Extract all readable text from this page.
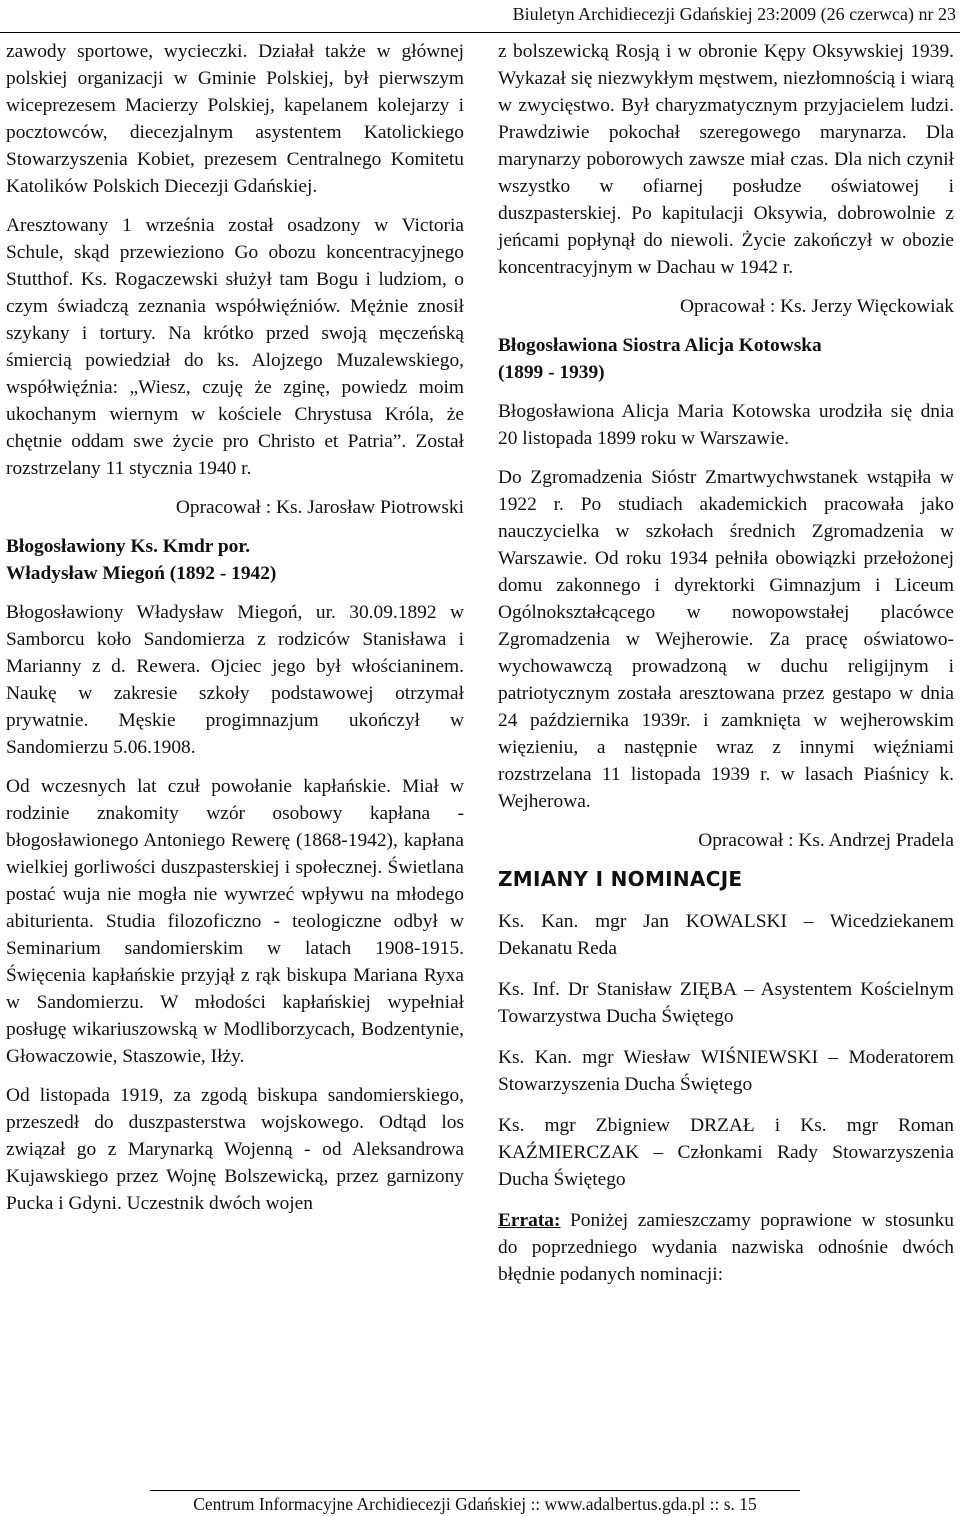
Biuletyn Archidiecezji Gdańskiej 23:2009 (26 czerwca) nr 23

zawody sportowe, wycieczki. Działał także w głównej polskiej organizacji w Gminie Polskiej, był pierwszym wiceprezesem Macierzy Polskiej, kapelanem kolejarzy i pocztowców, diecezjalnym asystentem Katolickiego Stowarzyszenia Kobiet, prezesem Centralnego Komitetu Katolików Polskich Diecezji Gdańskiej.

Aresztowany 1 września został osadzony w Victoria Schule, skąd przewieziono Go obozu koncentracyjnego Stutthof. Ks. Rogaczewski służył tam Bogu i ludziom, o czym świadczą zeznania współwięźniów. Mężnie znosił szykany i tortury. Na krótko przed swoją męczeńską śmiercią powiedział do ks. Alojzego Muzalewskiego, współwięźnia: „Wiesz, czuję że zginę, powiedz moim ukochanym wiernym w kościele Chrystusa Króla, że chętnie oddam swe życie pro Christo et Patria”. Został rozstrzelany 11 stycznia 1940 r.

Opracował : Ks. Jarosław Piotrowski

Błogosławiony Ks. Kmdr por.
Władysław Miegoń (1892 - 1942)

Błogosławiony Władysław Miegoń, ur. 30.09.1892 w Samborcu koło Sandomierza z rodziców Stanisława i Marianny z d. Rewera. Ojciec jego był włościaninem. Naukę w zakresie szkoły podstawowej otrzymał prywatnie. Męskie progimnazjum ukończył w Sandomierzu 5.06.1908.

Od wczesnych lat czuł powołanie kapłańskie. Miał w rodzinie znakomity wzór osobowy kapłana - błogosławionego Antoniego Rewerę (1868-1942), kapłana wielkiej gorliwości duszpasterskiej i społecznej. Świetlana postać wuja nie mogła nie wywrzeć wpływu na młodego abiturienta. Studia filozoficzno - teologiczne odbył w Seminarium sandomierskim w latach 1908-1915. Święcenia kapłańskie przyjął z rąk biskupa Mariana Ryxa w Sandomierzu. W młodości kapłańskiej wypełniał posługę wikariuszowską w Modliborzycach, Bodzentynie, Głowaczowie, Staszowie, Iłży.

Od listopada 1919, za zgodą biskupa sandomierskiego, przeszedł do duszpasterstwa wojskowego. Odtąd los związał go z Marynarką Wojenną - od Aleksandrowa Kujawskiego przez Wojnę Bolszewicką, przez garnizony Pucka i Gdyni. Uczestnik dwóch wojen

z bolszewicką Rosją i w obronie Kępy Oksywskiej 1939. Wykazał się niezwykłym męstwem, niezłomnością i wiarą w zwycięstwo. Był charyzmatycznym przyjacielem ludzi. Prawdziwie pokochał szeregowego marynarza. Dla marynarzy poborowych zawsze miał czas. Dla nich czynił wszystko w ofiarnej posłudze oświatowej i duszpasterskiej. Po kapitulacji Oksywia, dobrowolnie z jeńcami popłynął do niewoli. Życie zakończył w obozie koncentracyjnym w Dachau w 1942 r.

Opracował : Ks. Jerzy Więckowiak

Błogosławiona Siostra Alicja Kotowska
(1899 - 1939)

Błogosławiona Alicja Maria Kotowska urodziła się dnia 20 listopada 1899 roku w Warszawie.

Do Zgromadzenia Sióstr Zmartwychwstanek wstąpiła w 1922 r. Po studiach akademickich pracowała jako nauczycielka w szkołach średnich Zgromadzenia w Warszawie. Od roku 1934 pełniła obowiązki przełożonej domu zakonnego i dyrektorki Gimnazjum i Liceum Ogólnokształcącego w nowopowstałej placówce Zgromadzenia w Wejherowie. Za pracę oświatowo-wychowawczą prowadzoną w duchu religijnym i patriotycznym została aresztowana przez gestapo w dnia 24 października 1939r. i zamknięta w wejherowskim więzieniu, a następnie wraz z innymi więźniami rozstrzelana 11 listopada 1939 r. w lasach Piaśnicy k. Wejherowa.

Opracował : Ks. Andrzej Pradela

ZMIANY I NOMINACJE

Ks. Kan. mgr Jan KOWALSKI – Wicedziekanem Dekanatu Reda

Ks. Inf. Dr Stanisław ZIĘBA – Asystentem Kościelnym Towarzystwa Ducha Świętego

Ks. Kan. mgr Wiesław WIŚNIEWSKI – Moderatorem Stowarzyszenia Ducha Świętego

Ks. mgr Zbigniew DRZAŁ i Ks. mgr Roman KAŹMIERCZAK – Członkami Rady Stowarzyszenia Ducha Świętego

Errata: Poniżej zamieszczamy poprawione w stosunku do poprzedniego wydania nazwiska odnośnie dwóch błędnie podanych nominacji:

Centrum Informacyjne Archidiecezji Gdańskiej :: www.adalbertus.gda.pl :: s. 15
